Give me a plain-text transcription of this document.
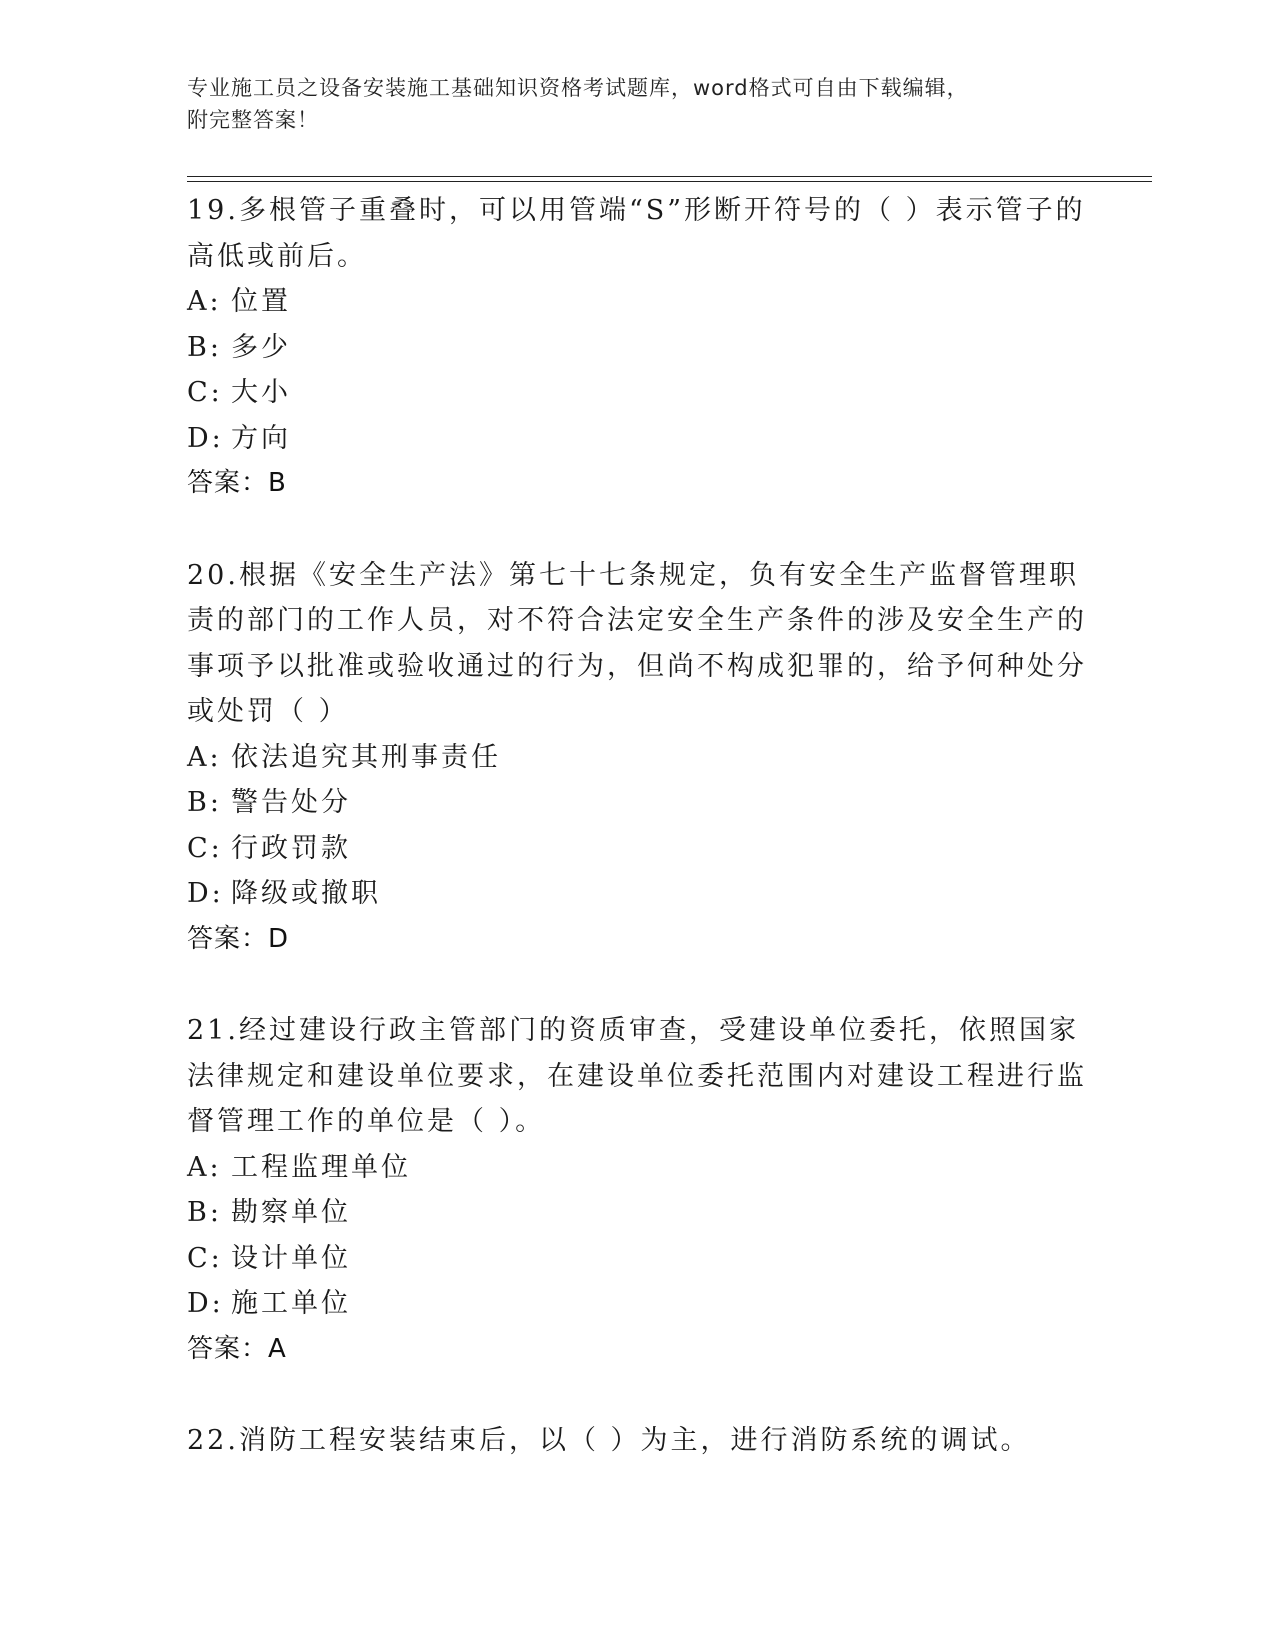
专业施工员之设备安装施工基础知识资格考试题库，word格式可自由下载编辑，
附完整答案！

19.多根管子重叠时，可以用管端“S”形断开符号的（ ）表示管子的高低或前后。

A: 位置

B: 多少

C: 大小

D: 方向

答案：B

20.根据《安全生产法》第七十七条规定，负有安全生产监督管理职责的部门的工作人员，对不符合法定安全生产条件的涉及安全生产的事项予以批准或验收通过的行为，但尚不构成犯罪的，给予何种处分或处罚（ ）

A: 依法追究其刑事责任

B: 警告处分

C: 行政罚款

D: 降级或撤职

答案：D

21.经过建设行政主管部门的资质审查，受建设单位委托，依照国家法律规定和建设单位要求，在建设单位委托范围内对建设工程进行监督管理工作的单位是（ ）。

A: 工程监理单位

B: 勘察单位

C: 设计单位

D: 施工单位

答案：A

22.消防工程安装结束后，以（ ）为主，进行消防系统的调试。
